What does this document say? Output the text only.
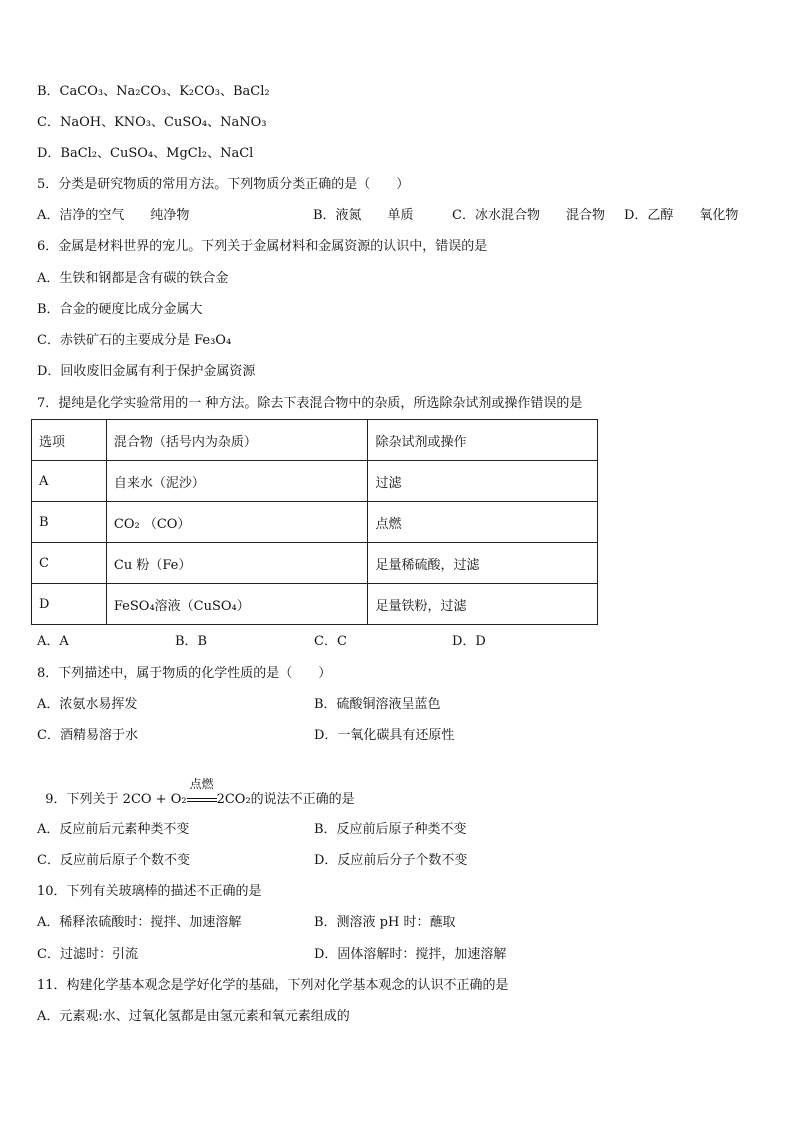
B．CaCO₃、Na₂CO₃、K₂CO₃、BaCl₂
C．NaOH、KNO₃、CuSO₄、NaNO₃
D．BaCl₂、CuSO₄、MgCl₂、NaCl
5．分类是研究物质的常用方法。下列物质分类正确的是（　　）
A．洁净的空气　　纯净物	B．液氮　　单质	C．冰水混合物　　混合物 D．乙醇　　氧化物
6．金属是材料世界的宠儿。下列关于金属材料和金属资源的认识中，错误的是
A．生铁和钢都是含有碳的铁合金
B．合金的硬度比成分金属大
C．赤铁矿石的主要成分是 Fe₃O₄
D．回收废旧金属有利于保护金属资源
7．提纯是化学实验常用的一 种方法。除去下表混合物中的杂质，所选除杂试剂或操作错误的是
选项	混合物（括号内为杂质）	除杂试剂或操作
A	自来水（泥沙）	过滤
B	CO₂ （CO）	点燃
C	Cu 粉（Fe）	足量稀硫酸，过滤
D	FeSO₄溶液（CuSO₄）	足量铁粉，过滤
A．A	B．B	C．C	D．D
8．下列描述中，属于物质的化学性质的是（　　）
A．浓氨水易挥发	B．硫酸铜溶液呈蓝色
C．酒精易溶于水	D．一氧化碳具有还原性

9．下列关于 2CO + O₂
点燃
2CO₂的说法不正确的是

A．反应前后元素种类不变	B．反应前后原子种类不变
C．反应前后原子个数不变	D．反应前后分子个数不变
10．下列有关玻璃棒的描述不正确的是
A．稀释浓硫酸时：搅拌、加速溶解	B．测溶液 pH 时：蘸取
C．过滤时：引流	D．固体溶解时：搅拌，加速溶解
11．构建化学基本观念是学好化学的基础，下列对化学基本观念的认识不正确的是
A．元素观:水、过氧化氢都是由氢元素和氧元素组成的
